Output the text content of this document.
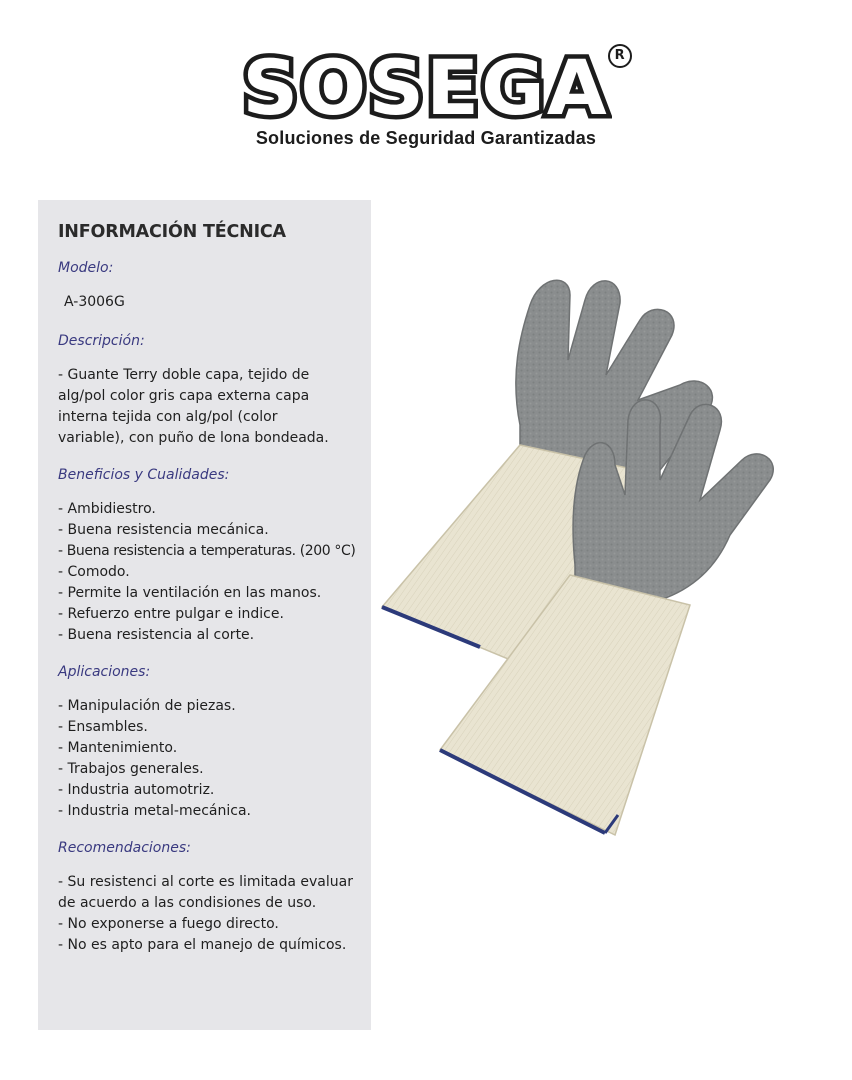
SOSEGA R
Soluciones de Seguridad Garantizadas
INFORMACIÓN TÉCNICA
Modelo:
A-3006G
Descripción:
- Guante Terry doble capa, tejido de alg/pol color gris capa externa capa interna tejida con alg/pol (color variable), con puño de lona bondeada.
Beneficios y Cualidades:
- Ambidiestro.
- Buena resistencia mecánica.
- Buena resistencia a temperaturas. (200 °C)
- Comodo.
- Permite la ventilación en las manos.
- Refuerzo entre pulgar e indice.
- Buena resistencia al corte.
Aplicaciones:
- Manipulación de piezas.
- Ensambles.
- Mantenimiento.
- Trabajos generales.
- Industria automotriz.
- Industria metal-mecánica.
Recomendaciones:
- Su resistenci al corte es limitada evaluar
de acuerdo a las condisiones de uso.
- No exponerse a fuego directo.
- No es apto para el manejo de químicos.
